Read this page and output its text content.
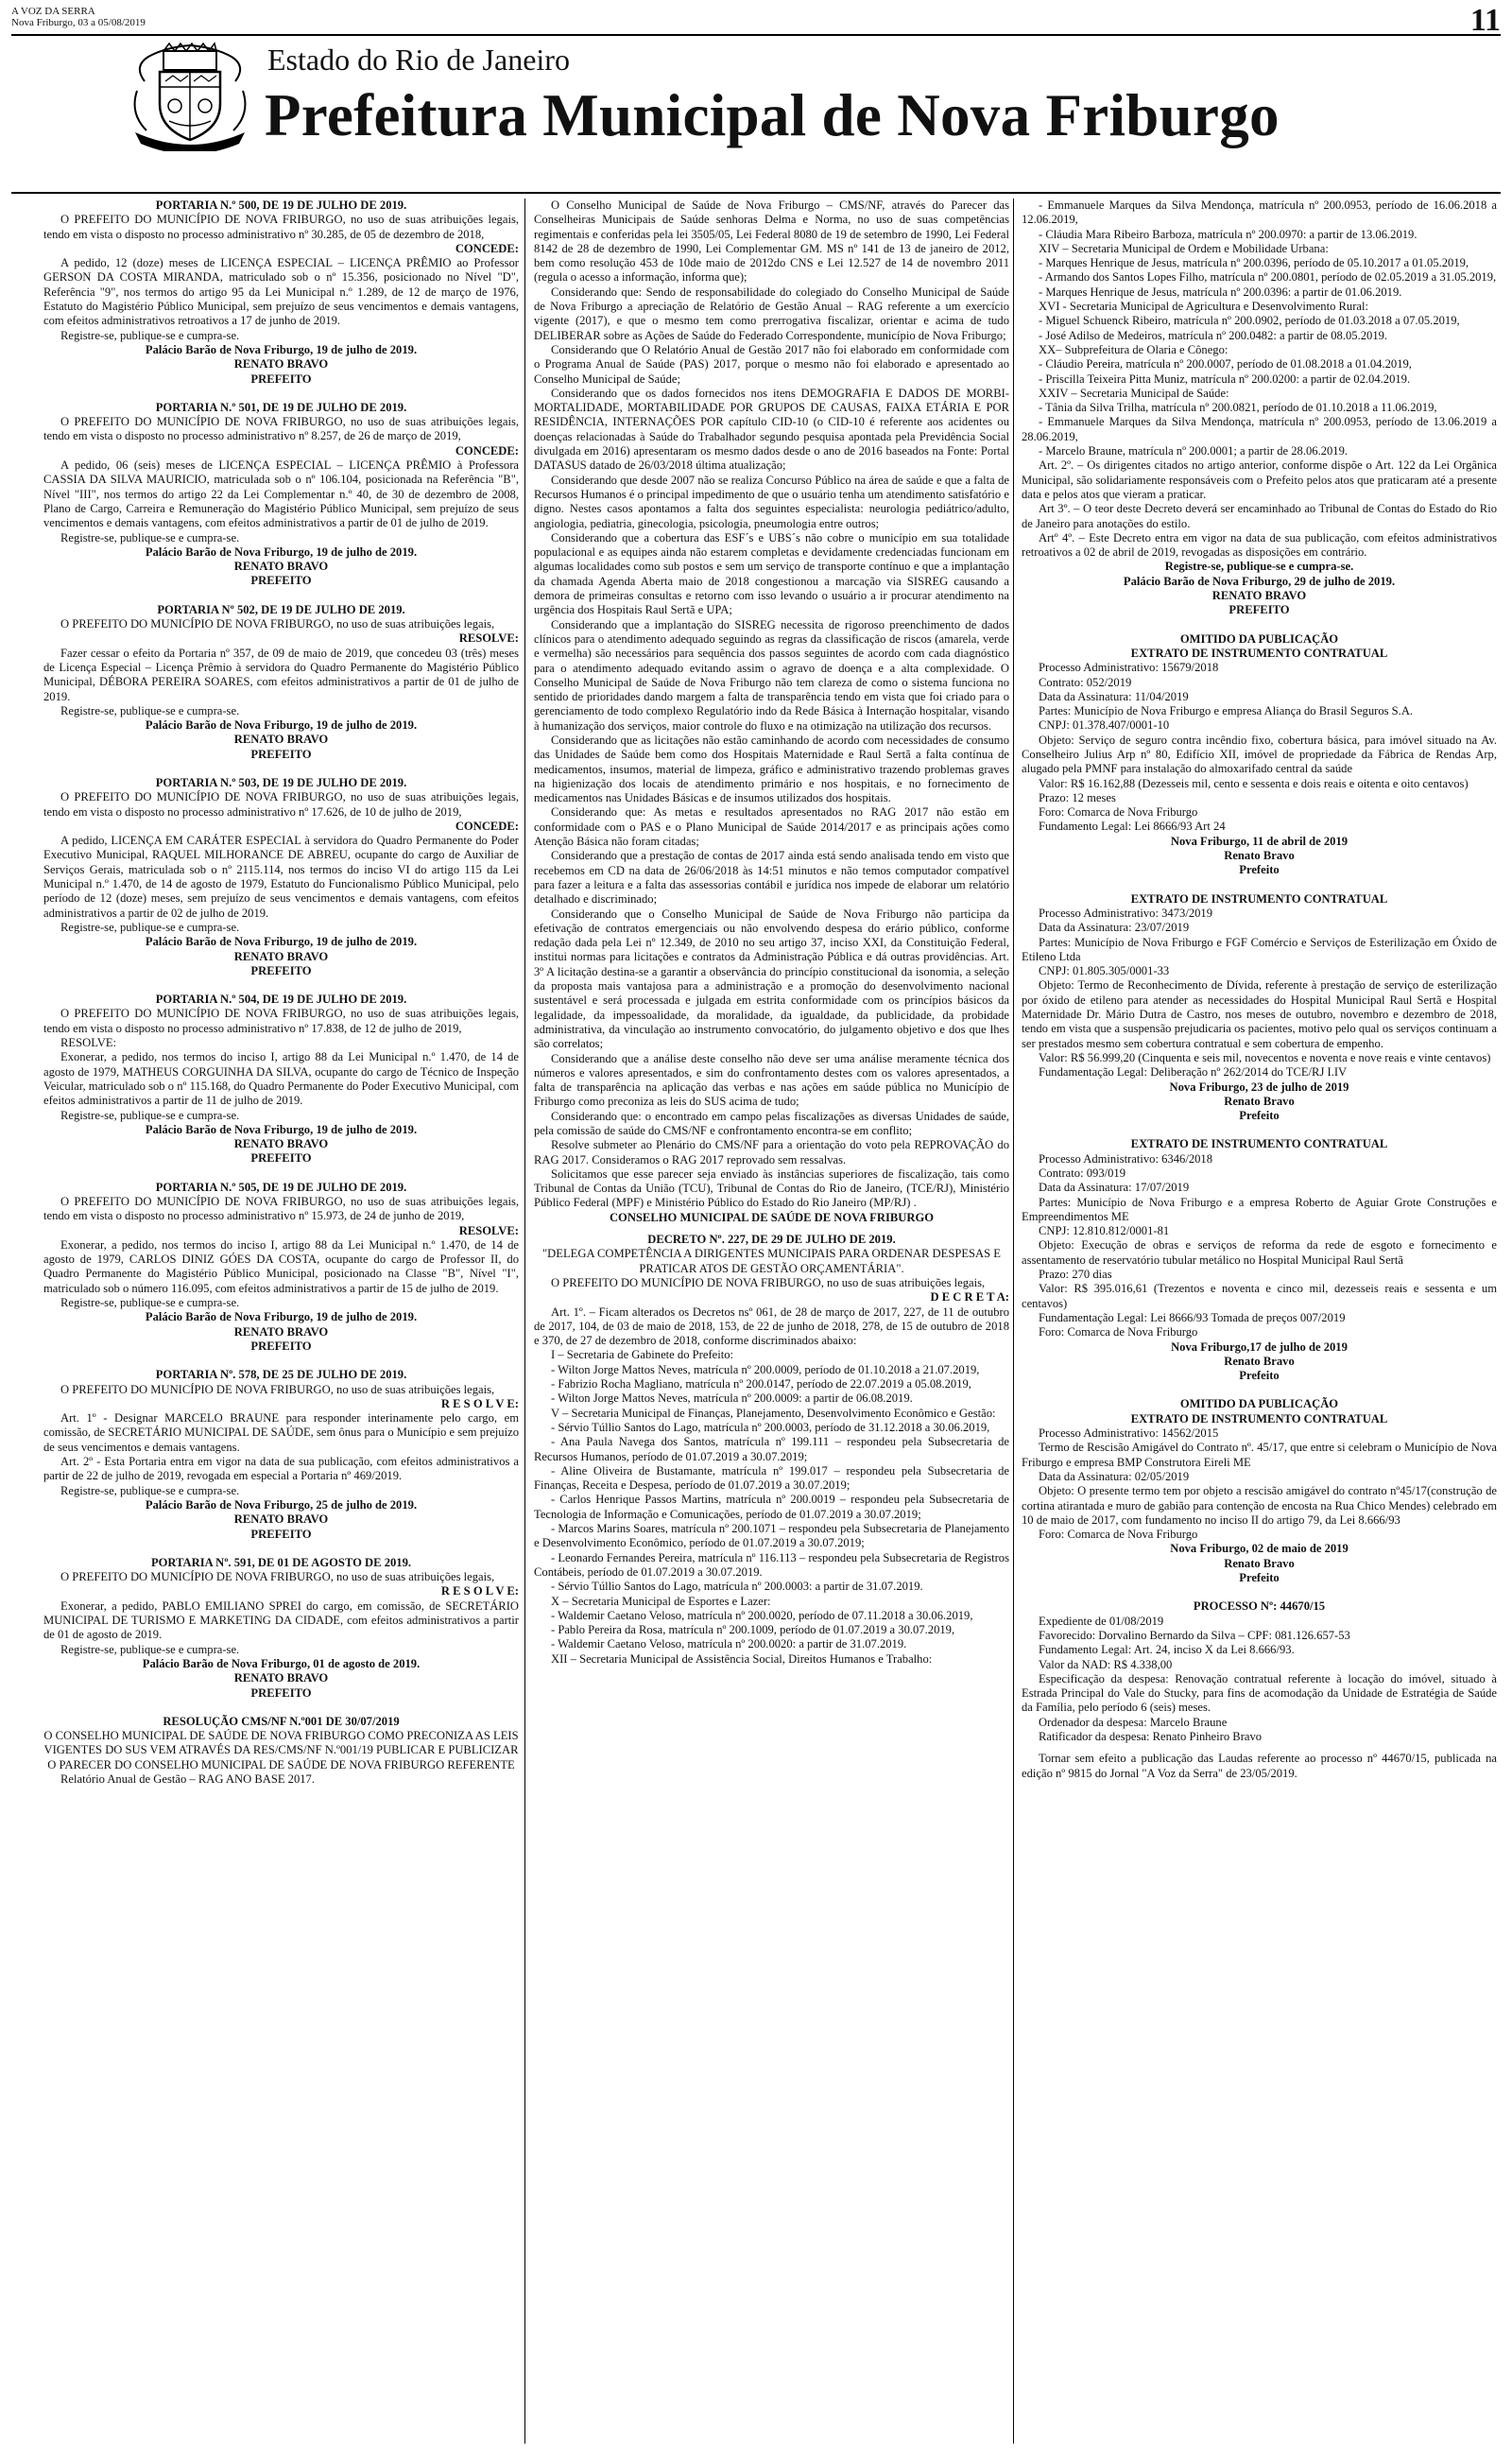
A VOZ DA SERRA
Nova Friburgo, 03 a 05/08/2019	11
Estado do Rio de Janeiro
Prefeitura Municipal de Nova Friburgo

PORTARIA N.º 500, DE 19 DE JULHO DE 2019.

O PREFEITO DO MUNICÍPIO DE NOVA FRIBURGO, no uso de suas atribuições legais, tendo em vista o disposto no processo administrativo nº 30.285, de 05 de dezembro de 2018,

CONCEDE:

A pedido, 12 (doze) meses de LICENÇA ESPECIAL – LICENÇA PRÊMIO ao Professor GERSON DA COSTA MIRANDA, matriculado sob o nº 15.356, posicionado no Nível "D", Referência "9", nos termos do artigo 95 da Lei Municipal n.º 1.289, de 12 de março de 1976, Estatuto do Magistério Público Municipal, sem prejuízo de seus vencimentos e demais vantagens, com efeitos administrativos retroativos a 17 de junho de 2019.

Registre-se, publique-se e cumpra-se.

Palácio Barão de Nova Friburgo, 19 de julho de 2019.

RENATO BRAVO

PREFEITO

PORTARIA N.º 501, DE 19 DE JULHO DE 2019.

O PREFEITO DO MUNICÍPIO DE NOVA FRIBURGO, no uso de suas atribuições legais, tendo em vista o disposto no processo administrativo nº 8.257, de 26 de março de 2019,

CONCEDE:

A pedido, 06 (seis) meses de LICENÇA ESPECIAL – LICENÇA PRÊMIO à Professora CASSIA DA SILVA MAURICIO, matriculada sob o nº 106.104, posicionada na Referência "B", Nível "III", nos termos do artigo 22 da Lei Complementar n.º 40, de 30 de dezembro de 2008, Plano de Cargo, Carreira e Remuneração do Magistério Público Municipal, sem prejuízo de seus vencimentos e demais vantagens, com efeitos administrativos a partir de 01 de julho de 2019.

Registre-se, publique-se e cumpra-se.

Palácio Barão de Nova Friburgo, 19 de julho de 2019.

RENATO BRAVO

PREFEITO

PORTARIA Nº 502, DE 19 DE JULHO DE 2019.

O PREFEITO DO MUNICÍPIO DE NOVA FRIBURGO, no uso de suas atribuições legais,

RESOLVE:

Fazer cessar o efeito da Portaria nº 357, de 09 de maio de 2019, que concedeu 03 (três) meses de Licença Especial – Licença Prêmio à servidora do Quadro Permanente do Magistério Público Municipal, DÉBORA PEREIRA SOARES, com efeitos administrativos a partir de 01 de julho de 2019.

Registre-se, publique-se e cumpra-se.

Palácio Barão de Nova Friburgo, 19 de julho de 2019.

RENATO BRAVO

PREFEITO

PORTARIA N.º 503, DE 19 DE JULHO DE 2019.

O PREFEITO DO MUNICÍPIO DE NOVA FRIBURGO, no uso de suas atribuições legais, tendo em vista o disposto no processo administrativo nº 17.626, de 10 de julho de 2019,

CONCEDE:

A pedido, LICENÇA EM CARÁTER ESPECIAL à servidora do Quadro Permanente do Poder Executivo Municipal, RAQUEL MILHORANCE DE ABREU, ocupante do cargo de Auxiliar de Serviços Gerais, matriculada sob o nº 2115.114, nos termos do inciso VI do artigo 115 da Lei Municipal n.º 1.470, de 14 de agosto de 1979, Estatuto do Funcionalismo Público Municipal, pelo período de 12 (doze) meses, sem prejuízo de seus vencimentos e demais vantagens, com efeitos administrativos a partir de 02 de julho de 2019.

Registre-se, publique-se e cumpra-se.

Palácio Barão de Nova Friburgo, 19 de julho de 2019.

RENATO BRAVO

PREFEITO

PORTARIA N.º 504, DE 19 DE JULHO DE 2019.

O PREFEITO DO MUNICÍPIO DE NOVA FRIBURGO, no uso de suas atribuições legais, tendo em vista o disposto no processo administrativo nº 17.838, de 12 de julho de 2019,

RESOLVE:

Exonerar, a pedido, nos termos do inciso I, artigo 88 da Lei Municipal n.º 1.470, de 14 de agosto de 1979, MATHEUS CORGUINHA DA SILVA, ocupante do cargo de Técnico de Inspeção Veicular, matriculado sob o nº 115.168, do Quadro Permanente do Poder Executivo Municipal, com efeitos administrativos a partir de 11 de julho de 2019.

Registre-se, publique-se e cumpra-se.

Palácio Barão de Nova Friburgo, 19 de julho de 2019.

RENATO BRAVO

PREFEITO

PORTARIA N.º 505, DE 19 DE JULHO DE 2019.

O PREFEITO DO MUNICÍPIO DE NOVA FRIBURGO, no uso de suas atribuições legais, tendo em vista o disposto no processo administrativo nº 15.973, de 24 de junho de 2019,

RESOLVE:

Exonerar, a pedido, nos termos do inciso I, artigo 88 da Lei Municipal n.º 1.470, de 14 de agosto de 1979, CARLOS DINIZ GÓES DA COSTA, ocupante do cargo de Professor II, do Quadro Permanente do Magistério Público Municipal, posicionado na Classe "B", Nível "I", matriculado sob o número 116.095, com efeitos administrativos a partir de 15 de julho de 2019.

Registre-se, publique-se e cumpra-se.

Palácio Barão de Nova Friburgo, 19 de julho de 2019.

RENATO BRAVO

PREFEITO

PORTARIA Nº. 578, DE 25 DE JULHO DE 2019.

O PREFEITO DO MUNICÍPIO DE NOVA FRIBURGO, no uso de suas atribuições legais,

R E S O L V E:

Art. 1º - Designar MARCELO BRAUNE para responder interinamente pelo cargo, em comissão, de SECRETÁRIO MUNICIPAL DE SAÚDE, sem ônus para o Município e sem prejuízo de seus vencimentos e demais vantagens.

Art. 2º - Esta Portaria entra em vigor na data de sua publicação, com efeitos administrativos a partir de 22 de julho de 2019, revogada em especial a Portaria nº 469/2019.

Registre-se, publique-se e cumpra-se.

Palácio Barão de Nova Friburgo, 25 de julho de 2019.

RENATO BRAVO

PREFEITO

PORTARIA Nº. 591, DE 01 DE AGOSTO DE 2019.

O PREFEITO DO MUNICÍPIO DE NOVA FRIBURGO, no uso de suas atribuições legais,

R E S O L V E:

Exonerar, a pedido, PABLO EMILIANO SPREI do cargo, em comissão, de SECRETÁRIO MUNICIPAL DE TURISMO E MARKETING DA CIDADE, com efeitos administrativos a partir de 01 de agosto de 2019.

Registre-se, publique-se e cumpra-se.

Palácio Barão de Nova Friburgo, 01 de agosto de 2019.

RENATO BRAVO

PREFEITO

RESOLUÇÃO CMS/NF N.º001 DE 30/07/2019

O CONSELHO MUNICIPAL DE SAÚDE DE NOVA FRIBURGO COMO PRECONIZA AS LEIS VIGENTES DO SUS VEM ATRAVÉS DA RES/CMS/NF N.º001/19 PUBLICAR E PUBLICIZAR O PARECER DO CONSELHO MUNICIPAL DE SAÚDE DE NOVA FRIBURGO REFERENTE

Relatório Anual de Gestão – RAG ANO BASE 2017.

O Conselho Municipal de Saúde de Nova Friburgo – CMS/NF, através do Parecer das Conselheiras Municipais de Saúde senhoras Delma e Norma, no uso de suas competências regimentais e conferidas pela lei 3505/05, Lei Federal 8080 de 19 de setembro de 1990, Lei Federal 8142 de 28 de dezembro de 1990, Lei Complementar GM. MS nº 141 de 13 de janeiro de 2012, bem como resolução 453 de 10de maio de 2012do CNS e Lei 12.527 de 14 de novembro 2011 (regula o acesso a informação, informa que);

Considerando que: Sendo de responsabilidade do colegiado do Conselho Municipal de Saúde de Nova Friburgo a apreciação de Relatório de Gestão Anual – RAG referente a um exercício vigente (2017), e que o mesmo tem como prerrogativa fiscalizar, orientar e acima de tudo DELIBERAR sobre as Ações de Saúde do Federado Correspondente, município de Nova Friburgo;

Considerando que O Relatório Anual de Gestão 2017 não foi elaborado em conformidade com o Programa Anual de Saúde (PAS) 2017, porque o mesmo não foi elaborado e apresentado ao Conselho Municipal de Saúde;

Considerando que os dados fornecidos nos itens DEMOGRAFIA E DADOS DE MORBI-MORTALIDADE, MORTABILIDADE POR GRUPOS DE CAUSAS, FAIXA ETÁRIA E POR RESIDÊNCIA, INTERNAÇÕES POR capítulo CID-10 (o CID-10 é referente aos acidentes ou doenças relacionadas à Saúde do Trabalhador segundo pesquisa apontada pela Previdência Social divulgada em 2016) apresentaram os mesmo dados desde o ano de 2016 baseados na Fonte: Portal DATASUS datado de 26/03/2018 última atualização;

Considerando que desde 2007 não se realiza Concurso Público na área de saúde e que a falta de Recursos Humanos é o principal impedimento de que o usuário tenha um atendimento satisfatório e digno. Nestes casos apontamos a falta dos seguintes especialista: neurologia pediátrico/adulto, angiologia, pediatria, ginecologia, psicologia, pneumologia entre outros;

Considerando que a cobertura das ESF´s e UBS´s não cobre o município em sua totalidade populacional e as equipes ainda não estarem completas e devidamente credenciadas funcionam em algumas localidades como sub postos e sem um serviço de transporte contínuo e que a implantação da chamada Agenda Aberta maio de 2018 congestionou a marcação via SISREG causando a demora de primeiras consultas e retorno com isso levando o usuário a ir procurar atendimento na urgência dos Hospitais Raul Sertã e UPA;

Considerando que a implantação do SISREG necessita de rigoroso preenchimento de dados clínicos para o atendimento adequado seguindo as regras da classificação de riscos (amarela, verde e vermelha) são necessários para sequência dos passos seguintes de acordo com cada diagnóstico para o atendimento adequado evitando assim o agravo de doença e a alta complexidade. O Conselho Municipal de Saúde de Nova Friburgo não tem clareza de como o sistema funciona no sentido de prioridades dando margem a falta de transparência tendo em vista que foi criado para o gerenciamento de todo complexo Regulatório indo da Rede Básica à Internação hospitalar, visando à humanização dos serviços, maior controle do fluxo e na otimização na utilização dos recursos.

Considerando que as licitações não estão caminhando de acordo com necessidades de consumo das Unidades de Saúde bem como dos Hospitais Maternidade e Raul Sertã a falta contínua de medicamentos, insumos, material de limpeza, gráfico e administrativo trazendo problemas graves na higienização dos locais de atendimento primário e nos hospitais, e no fornecimento de medicamentos nas Unidades Básicas e de insumos utilizados dos hospitais.

Considerando que: As metas e resultados apresentados no RAG 2017 não estão em conformidade com o PAS e o Plano Municipal de Saúde 2014/2017 e as principais ações como Atenção Básica não foram citadas;

Considerando que a prestação de contas de 2017 ainda está sendo analisada tendo em visto que recebemos em CD na data de 26/06/2018 às 14:51 minutos e não temos computador compatível para fazer a leitura e a falta das assessorias contábil e jurídica nos impede de elaborar um relatório detalhado e discriminado;

Considerando que o Conselho Municipal de Saúde de Nova Friburgo não participa da efetivação de contratos emergenciais ou não envolvendo despesa do erário público, conforme redação dada pela Lei nº 12.349, de 2010 no seu artigo 37, inciso XXI, da Constituição Federal, institui normas para licitações e contratos da Administração Pública e dá outras providências. Art. 3º A licitação destina-se a garantir a observância do princípio constitucional da isonomia, a seleção da proposta mais vantajosa para a administração e a promoção do desenvolvimento nacional sustentável e será processada e julgada em estrita conformidade com os princípios básicos da legalidade, da impessoalidade, da moralidade, da igualdade, da publicidade, da probidade administrativa, da vinculação ao instrumento convocatório, do julgamento objetivo e dos que lhes são correlatos;

Considerando que a análise deste conselho não deve ser uma análise meramente técnica dos números e valores apresentados, e sim do confrontamento destes com os valores apresentados, a falta de transparência na aplicação das verbas e nas ações em saúde pública no Município de Friburgo como preconiza as leis do SUS acima de tudo;

Considerando que: o encontrado em campo pelas fiscalizações as diversas Unidades de saúde, pela comissão de saúde do CMS/NF e confrontamento encontra-se em conflito;

Resolve submeter ao Plenário do CMS/NF para a orientação do voto pela REPROVAÇÃO do RAG 2017. Consideramos o RAG 2017 reprovado sem ressalvas.

Solicitamos que esse parecer seja enviado às instâncias superiores de fiscalização, tais como Tribunal de Contas da União (TCU), Tribunal de Contas do Rio de Janeiro, (TCE/RJ), Ministério Público Federal (MPF) e Ministério Público do Estado do Rio Janeiro (MP/RJ) .

CONSELHO MUNICIPAL DE SAÚDE DE NOVA FRIBURGO

DECRETO Nº. 227, DE 29 DE JULHO DE 2019.

"DELEGA COMPETÊNCIA A DIRIGENTES MUNICIPAIS PARA ORDENAR DESPESAS E PRATICAR ATOS DE GESTÃO ORÇAMENTÁRIA".

O PREFEITO DO MUNICÍPIO DE NOVA FRIBURGO, no uso de suas atribuições legais,

D E C R E T A:

Art. 1º. – Ficam alterados os Decretos nsº 061, de 28 de março de 2017, 227, de 11 de outubro de 2017, 104, de 03 de maio de 2018, 153, de 22 de junho de 2018, 278, de 15 de outubro de 2018 e 370, de 27 de dezembro de 2018, conforme discriminados abaixo:

I – Secretaria de Gabinete do Prefeito:

- Wilton Jorge Mattos Neves, matrícula nº 200.0009, período de 01.10.2018 a 21.07.2019,

- Fabrizio Rocha Magliano, matrícula nº 200.0147, período de 22.07.2019 a 05.08.2019,

- Wilton Jorge Mattos Neves, matrícula nº 200.0009: a partir de 06.08.2019.

V – Secretaria Municipal de Finanças, Planejamento, Desenvolvimento Econômico e Gestão:

- Sérvio Túllio Santos do Lago, matrícula nº 200.0003, período de 31.12.2018 a 30.06.2019,

- Ana Paula Navega dos Santos, matrícula nº 199.111 – respondeu pela Subsecretaria de Recursos Humanos, período de 01.07.2019 a 30.07.2019;

- Aline Oliveira de Bustamante, matrícula nº 199.017 – respondeu pela Subsecretaria de Finanças, Receita e Despesa, período de 01.07.2019 a 30.07.2019;

- Carlos Henrique Passos Martins, matrícula nº 200.0019 – respondeu pela Subsecretaria de Tecnologia de Informação e Comunicações, período de 01.07.2019 a 30.07.2019;

- Marcos Marins Soares, matrícula nº 200.1071 – respondeu pela Subsecretaria de Planejamento e Desenvolvimento Econômico, período de 01.07.2019 a 30.07.2019;

- Leonardo Fernandes Pereira, matrícula nº 116.113 – respondeu pela Subsecretaria de Registros Contábeis, período de 01.07.2019 a 30.07.2019.

- Sérvio Túllio Santos do Lago, matrícula nº 200.0003: a partir de 31.07.2019.

X – Secretaria Municipal de Esportes e Lazer:

- Waldemir Caetano Veloso, matrícula nº 200.0020, período de 07.11.2018 a 30.06.2019,

- Pablo Pereira da Rosa, matrícula nº 200.1009, período de 01.07.2019 a 30.07.2019,

- Waldemir Caetano Veloso, matrícula nº 200.0020: a partir de 31.07.2019.

XII – Secretaria Municipal de Assistência Social, Direitos Humanos e Trabalho:

- Emmanuele Marques da Silva Mendonça, matrícula nº 200.0953, período de 16.06.2018 a 12.06.2019,

- Cláudia Mara Ribeiro Barboza, matrícula nº 200.0970: a partir de 13.06.2019.

XIV – Secretaria Municipal de Ordem e Mobilidade Urbana:

- Marques Henrique de Jesus, matrícula nº 200.0396, período de 05.10.2017 a 01.05.2019,

- Armando dos Santos Lopes Filho, matrícula nº 200.0801, período de 02.05.2019 a 31.05.2019,

- Marques Henrique de Jesus, matrícula nº 200.0396: a partir de 01.06.2019.

XVI - Secretaria Municipal de Agricultura e Desenvolvimento Rural:

- Miguel Schuenck Ribeiro, matrícula nº 200.0902, período de 01.03.2018 a 07.05.2019,

- José Adilso de Medeiros, matrícula nº 200.0482: a partir de 08.05.2019.

XX– Subprefeitura de Olaria e Cônego:

- Cláudio Pereira, matrícula nº 200.0007, período de 01.08.2018 a 01.04.2019,

- Priscilla Teixeira Pitta Muniz, matrícula nº 200.0200: a partir de 02.04.2019.

XXIV – Secretaria Municipal de Saúde:

- Tânia da Silva Trilha, matrícula nº 200.0821, período de 01.10.2018 a 11.06.2019,

- Emmanuele Marques da Silva Mendonça, matrícula nº 200.0953, período de 13.06.2019 a 28.06.2019,

- Marcelo Braune, matrícula nº 200.0001; a partir de 28.06.2019.

Art. 2º. – Os dirigentes citados no artigo anterior, conforme dispõe o Art. 122 da Lei Orgânica Municipal, são solidariamente responsáveis com o Prefeito pelos atos que praticaram até a presente data e pelos atos que vieram a praticar.

Art 3º. – O teor deste Decreto deverá ser encaminhado ao Tribunal de Contas do Estado do Rio de Janeiro para anotações do estilo.

Artº 4º. – Este Decreto entra em vigor na data de sua publicação, com efeitos administrativos retroativos a 02 de abril de 2019, revogadas as disposições em contrário.

Registre-se, publique-se e cumpra-se.

Palácio Barão de Nova Friburgo, 29 de julho de 2019.

RENATO BRAVO

PREFEITO

OMITIDO DA PUBLICAÇÃO

EXTRATO DE INSTRUMENTO CONTRATUAL

Processo Administrativo: 15679/2018

Contrato: 052/2019

Data da Assinatura: 11/04/2019

Partes: Município de Nova Friburgo e empresa Aliança do Brasil Seguros S.A.

CNPJ: 01.378.407/0001-10

Objeto: Serviço de seguro contra incêndio fixo, cobertura básica, para imóvel situado na Av. Conselheiro Julius Arp nº 80, Edifício XII, imóvel de propriedade da Fábrica de Rendas Arp, alugado pela PMNF para instalação do almoxarifado central da saúde

Valor: R$ 16.162,88 (Dezesseis mil, cento e sessenta e dois reais e oitenta e oito centavos)

Prazo: 12 meses

Foro: Comarca de Nova Friburgo

Fundamento Legal: Lei 8666/93 Art 24

Nova Friburgo, 11 de abril de 2019

Renato Bravo

Prefeito

EXTRATO DE INSTRUMENTO CONTRATUAL

Processo Administrativo: 3473/2019

Data da Assinatura: 23/07/2019

Partes: Município de Nova Friburgo e FGF Comércio e Serviços de Esterilização em Óxido de Etileno Ltda

CNPJ: 01.805.305/0001-33

Objeto: Termo de Reconhecimento de Dívida, referente à prestação de serviço de esterilização por óxido de etileno para atender as necessidades do Hospital Municipal Raul Sertã e Hospital Maternidade Dr. Mário Dutra de Castro, nos meses de outubro, novembro e dezembro de 2018, tendo em vista que a suspensão prejudicaria os pacientes, motivo pelo qual os serviços continuam a ser prestados mesmo sem cobertura contratual e sem cobertura de empenho.

Valor: R$ 56.999,20 (Cinquenta e seis mil, novecentos e noventa e nove reais e vinte centavos)

Fundamentação Legal: Deliberação nº 262/2014 do TCE/RJ I.IV

Nova Friburgo, 23 de julho de 2019

Renato Bravo

Prefeito

EXTRATO DE INSTRUMENTO CONTRATUAL

Processo Administrativo: 6346/2018

Contrato: 093/019

Data da Assinatura: 17/07/2019

Partes: Município de Nova Friburgo e a empresa Roberto de Aguiar Grote Construções e Empreendimentos ME

CNPJ: 12.810.812/0001-81

Objeto: Execução de obras e serviços de reforma da rede de esgoto e fornecimento e assentamento de reservatório tubular metálico no Hospital Municipal Raul Sertã

Prazo: 270 dias

Valor: R$ 395.016,61 (Trezentos e noventa e cinco mil, dezesseis reais e sessenta e um centavos)

Fundamentação Legal: Lei 8666/93 Tomada de preços 007/2019

Foro: Comarca de Nova Friburgo

Nova Friburgo,17 de julho de 2019

Renato Bravo

Prefeito

OMITIDO DA PUBLICAÇÃO

EXTRATO DE INSTRUMENTO CONTRATUAL

Processo Administrativo: 14562/2015

Termo de Rescisão Amigável do Contrato nº. 45/17, que entre si celebram o Município de Nova Friburgo e empresa BMP Construtora Eireli ME

Data da Assinatura: 02/05/2019

Objeto: O presente termo tem por objeto a rescisão amigável do contrato nº45/17(construção de cortina atirantada e muro de gabião para contenção de encosta na Rua Chico Mendes) celebrado em 10 de maio de 2017, com fundamento no inciso II do artigo 79, da Lei 8.666/93

Foro: Comarca de Nova Friburgo

Nova Friburgo, 02 de maio de 2019

Renato Bravo

Prefeito

PROCESSO Nº: 44670/15

Expediente de 01/08/2019

Favorecido: Dorvalino Bernardo da Silva – CPF: 081.126.657-53

Fundamento Legal: Art. 24, inciso X da Lei 8.666/93.

Valor da NAD: R$ 4.338,00

Especificação da despesa: Renovação contratual referente à locação do imóvel, situado à Estrada Principal do Vale do Stucky, para fins de acomodação da Unidade de Estratégia de Saúde da Família, pelo período 6 (seis) meses.

Ordenador da despesa: Marcelo Braune

Ratificador da despesa: Renato Pinheiro Bravo

Tornar sem efeito a publicação das Laudas referente ao processo nº 44670/15, publicada na edição nº 9815 do Jornal "A Voz da Serra" de 23/05/2019.
